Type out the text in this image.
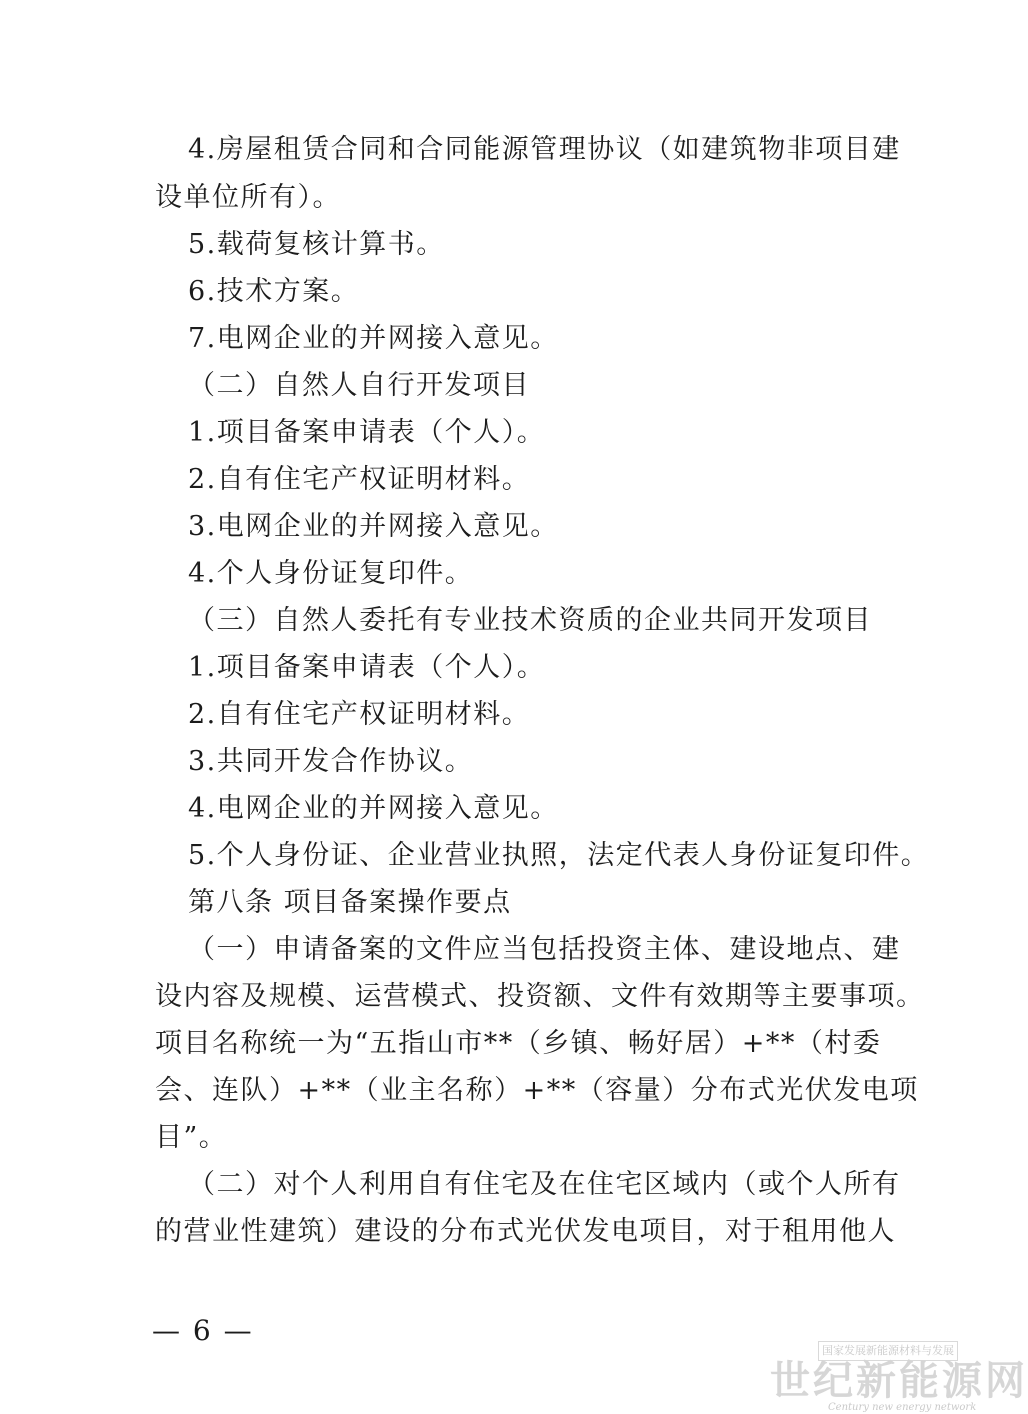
4.房屋租赁合同和合同能源管理协议（如建筑物非项目建
设单位所有）。
5.载荷复核计算书。
6.技术方案。
7.电网企业的并网接入意见。
（二）自然人自行开发项目
1.项目备案申请表（个人）。
2.自有住宅产权证明材料。
3.电网企业的并网接入意见。
4.个人身份证复印件。
（三）自然人委托有专业技术资质的企业共同开发项目
1.项目备案申请表（个人）。
2.自有住宅产权证明材料。
3.共同开发合作协议。
4.电网企业的并网接入意见。
5.个人身份证、企业营业执照，法定代表人身份证复印件。
第八条 项目备案操作要点
（一）申请备案的文件应当包括投资主体、建设地点、建
设内容及规模、运营模式、投资额、文件有效期等主要事项。
项目名称统一为“五指山市**（乡镇、畅好居）+**（村委
会、连队）+**（业主名称）+**（容量）分布式光伏发电项
目”。
（二）对个人利用自有住宅及在住宅区域内（或个人所有
的营业性建筑）建设的分布式光伏发电项目，对于租用他人
— 6 —
国家发展新能源材料与发展
世纪新能源网
Century new energy network
